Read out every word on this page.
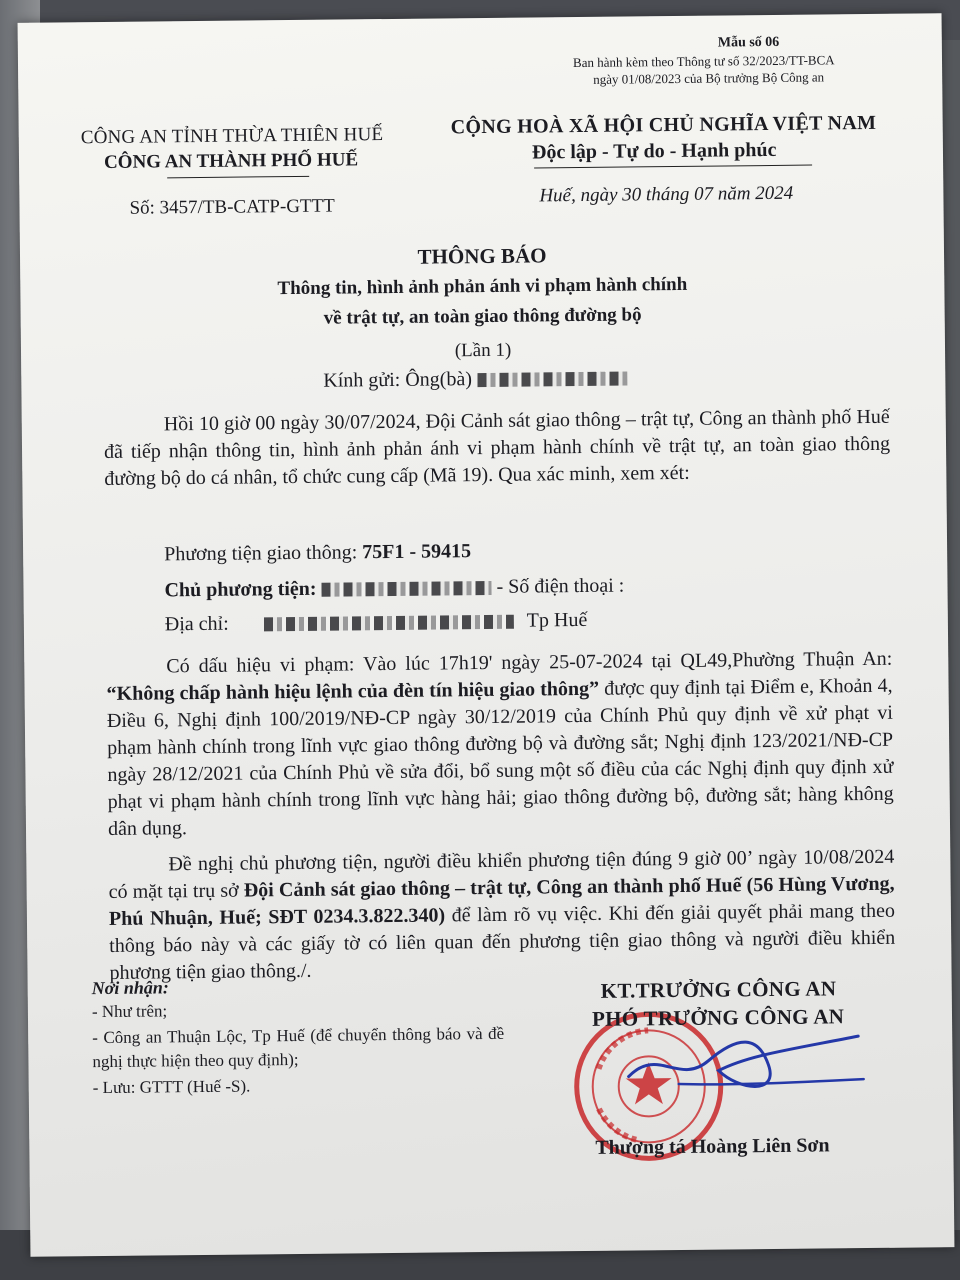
Mẫu số 06
Ban hành kèm theo Thông tư số 32/2023/TT-BCA
ngày 01/08/2023 của Bộ trưởng Bộ Công an
CÔNG AN TỈNH THỪA THIÊN HUẾ
CÔNG AN THÀNH PHỐ HUẾ
CỘNG HOÀ XÃ HỘI CHỦ NGHĨA VIỆT NAM
Độc lập - Tự do - Hạnh phúc
Số: 3457/TB-CATP-GTTT
Huế, ngày 30 tháng 07 năm 2024
THÔNG BÁO
Thông tin, hình ảnh phản ánh vi phạm hành chính
về trật tự, an toàn giao thông đường bộ
(Lần 1)
Kính gửi: Ông(bà)
Hồi 10 giờ 00 ngày 30/07/2024, Đội Cảnh sát giao thông – trật tự, Công an thành phố Huế đã tiếp nhận thông tin, hình ảnh phản ánh vi phạm hành chính về trật tự, an toàn giao thông đường bộ do cá nhân, tổ chức cung cấp (Mã 19). Qua xác minh, xem xét:
Phương tiện giao thông: 75F1 - 59415
Chủ phương tiện:	- Số điện thoại :
Địa chỉ:	Tp Huế
Có dấu hiệu vi phạm: Vào lúc 17h19' ngày 25-07-2024 tại QL49,Phường Thuận An: “Không chấp hành hiệu lệnh của đèn tín hiệu giao thông” được quy định tại Điểm e, Khoản 4, Điều 6, Nghị định 100/2019/NĐ-CP ngày 30/12/2019 của Chính Phủ quy định về xử phạt vi phạm hành chính trong lĩnh vực giao thông đường bộ và đường sắt; Nghị định 123/2021/NĐ-CP ngày 28/12/2021 của Chính Phủ về sửa đổi, bổ sung một số điều của các Nghị định quy định xử phạt vi phạm hành chính trong lĩnh vực hàng hải; giao thông đường bộ, đường sắt; hàng không dân dụng.
Đề nghị chủ phương tiện, người điều khiển phương tiện đúng 9 giờ 00’ ngày 10/08/2024 có mặt tại trụ sở Đội Cảnh sát giao thông – trật tự, Công an thành phố Huế (56 Hùng Vương, Phú Nhuận, Huế; SĐT 0234.3.822.340) để làm rõ vụ việc. Khi đến giải quyết phải mang theo thông báo này và các giấy tờ có liên quan đến phương tiện giao thông và người điều khiển phương tiện giao thông./.
Nơi nhận:
- Như trên;
- Công an Thuận Lộc, Tp Huế (để chuyển thông báo và đề nghị thực hiện theo quy định);
- Lưu: GTTT (Huế -S).
KT.TRƯỞNG CÔNG AN
PHÓ TRƯỞNG CÔNG AN
Thượng tá Hoàng Liên Sơn
